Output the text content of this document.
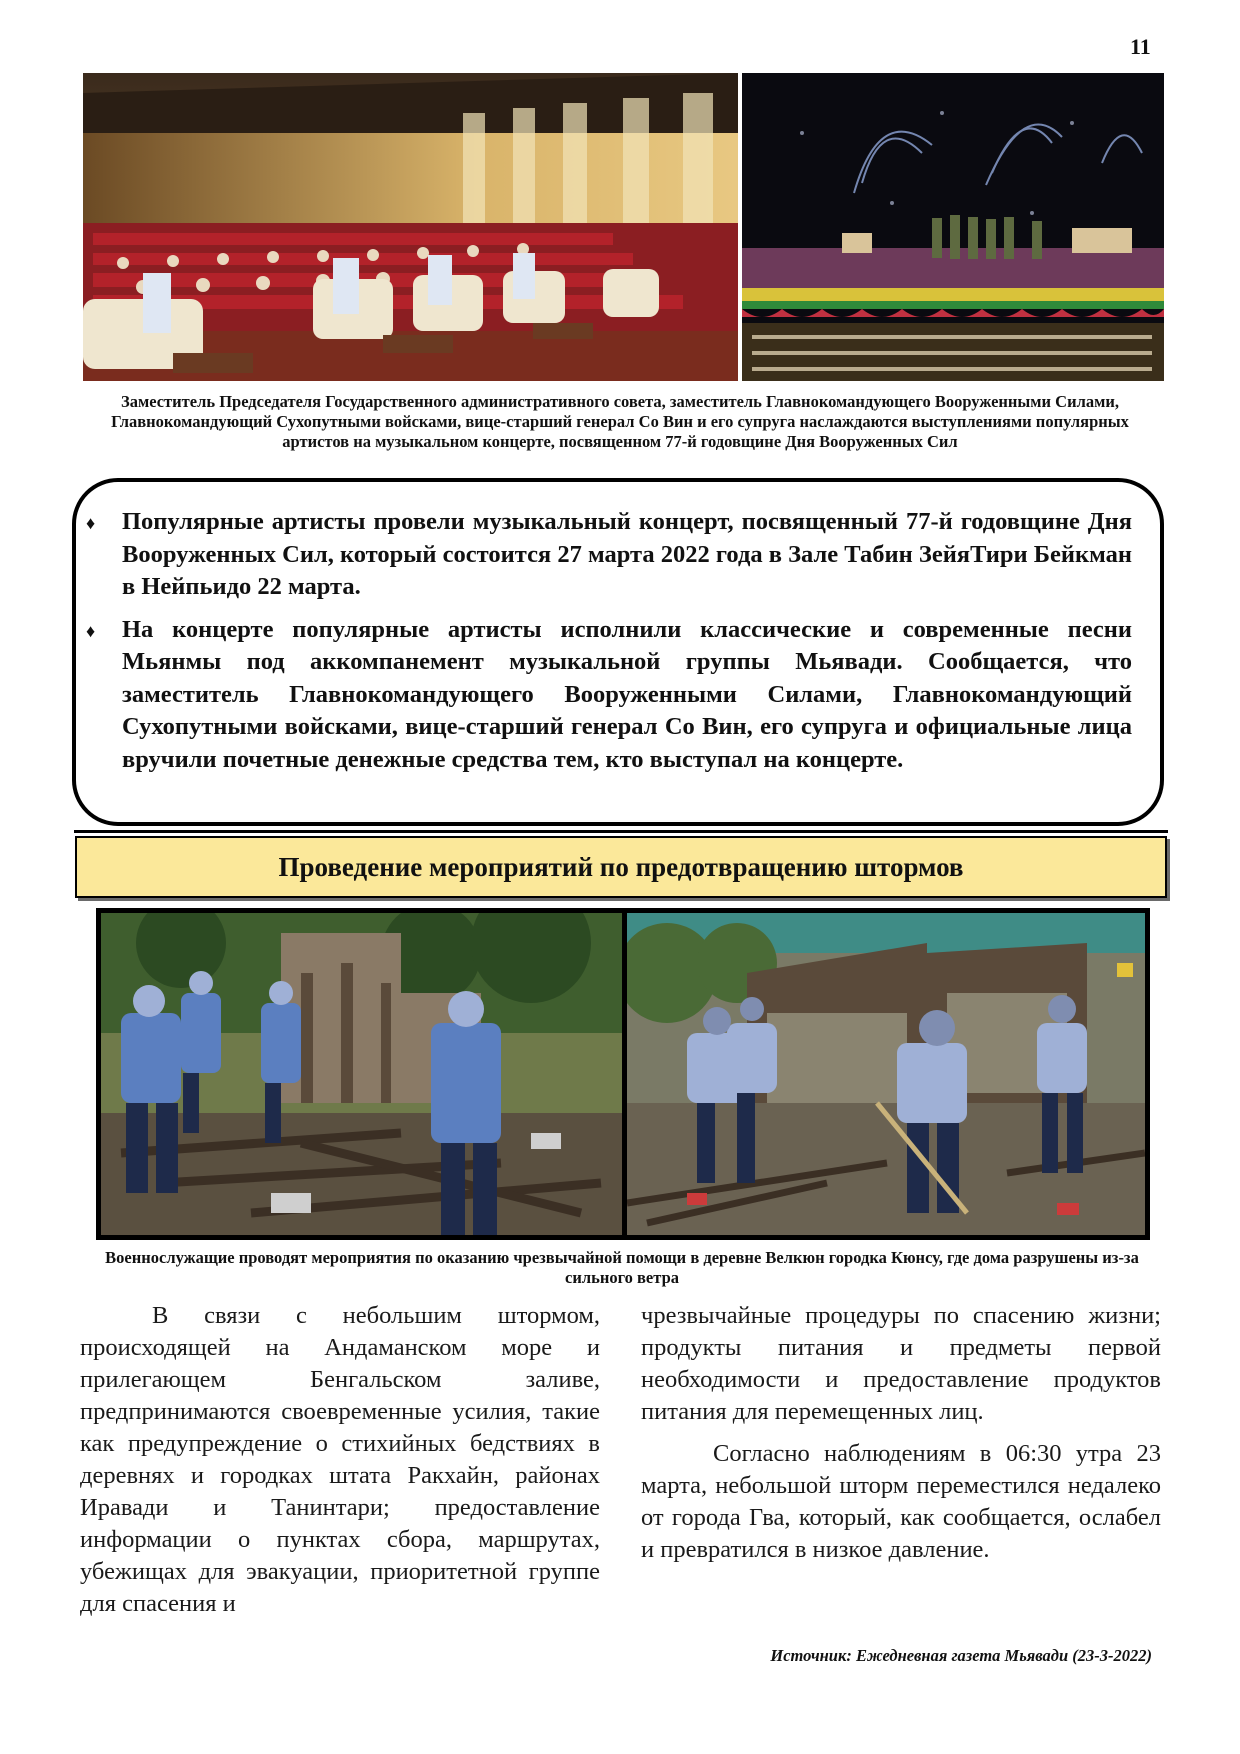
11
Заместитель Председателя Государственного административного совета, заместитель Главнокомандующего Вооруженными Силами, Главнокомандующий Сухопутными войсками, вице-старший генерал Со Вин и его супруга наслаждаются выступлениями популярных артистов на музыкальном концерте, посвященном 77-й годовщине Дня Вооруженных Сил
♦ Популярные артисты провели музыкальный концерт, посвященный 77-й годовщине Дня Вооруженных Сил, который состоится 27 марта 2022 года в Зале Табин ЗейяТири Бейкман в Нейпьидо 22 марта.
♦ На концерте популярные артисты исполнили классические и современные песни Мьянмы под аккомпанемент музыкальной группы Мьявади. Сообщается, что заместитель Главнокомандующего Вооруженными Силами, Главнокомандующий Сухопутными войсками, вице-старший генерал Со Вин, его супруга и официальные лица вручили почетные денежные средства тем, кто выступал на концерте.
Проведение мероприятий по предотвращению штормов
Военнослужащие проводят мероприятия по оказанию чрезвычайной помощи в деревне Велкюн городка Кюнсу, где дома разрушены из-за сильного ветра

В связи с небольшим штормом, происходящей на Андаманском море и прилегающем Бенгальском заливе, предпринимаются своевременные усилия, такие как предупреждение о стихийных бедствиях в деревнях и городках штата Ракхайн, районах Иравади и Танинтари; предоставление информации о пунктах сбора, маршрутах, убежищах для эвакуации, приоритетной группе для спасения и

чрезвычайные процедуры по спасению жизни; продукты питания и предметы первой необходимости и предоставление продуктов питания для перемещенных лиц.

Согласно наблюдениям в 06:30 утра 23 марта, небольшой шторм переместился недалеко от города Гва, который, как сообщается, ослабел и превратился в низкое давление.

Источник: Ежедневная газета Мьявади (23-3-2022)
